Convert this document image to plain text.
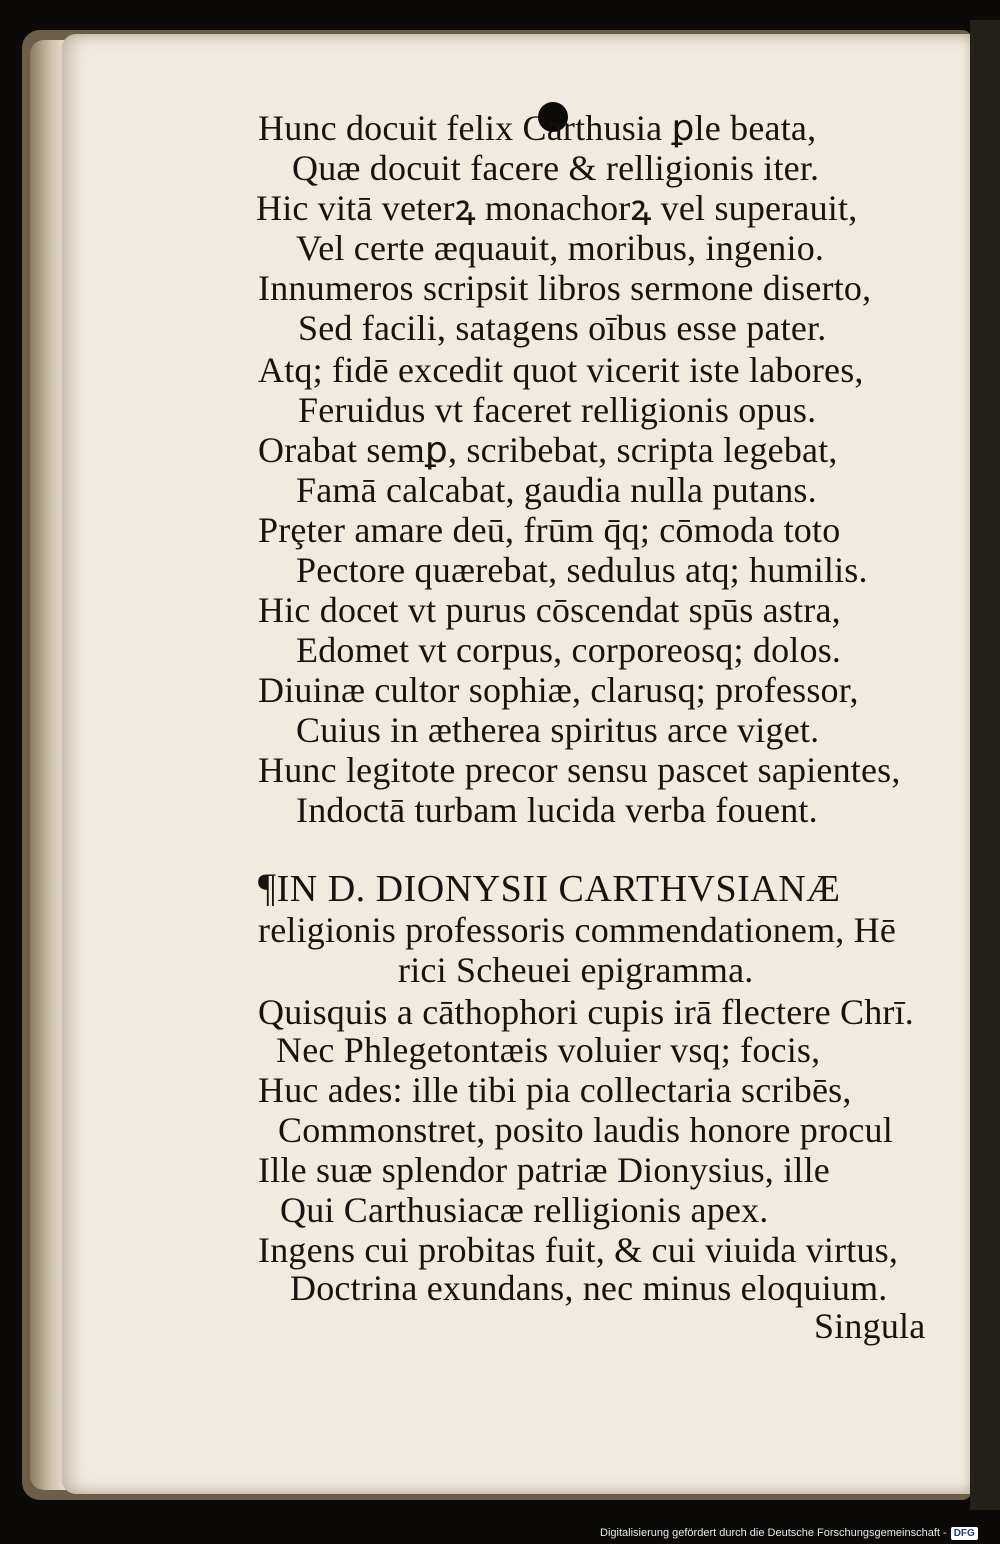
Hunc docuit felix Carthusia ꝑle beata,
Quæ docuit facere & relligionis iter.
Hic vitā veterꝝ monachorꝝ vel superauit,
Vel certe æquauit, moribus, ingenio.
Innumeros scripsit libros sermone diserto,
Sed facili, satagens oībus esse pater.
Atq; fidē excedit quot vicerit iste labores,
Feruidus vt faceret relligionis opus.
Orabat semꝑ, scribebat, scripta legebat,
Famā calcabat, gaudia nulla putans.
Prȩter amare deū, frūm q̄q; cōmoda toto
Pectore quærebat, sedulus atq; humilis.
Hic docet vt purus cōscendat spūs astra,
Edomet vt corpus, corporeosq; dolos.
Diuinæ cultor sophiæ, clarusq; professor,
Cuius in ætherea spiritus arce viget.
Hunc legitote precor sensu pascet sapientes,
Indoctā turbam lucida verba fouent.
¶IN D. DIONYSII CARTHVSIANÆ
religionis professoris commendationem, Hē
rici Scheuei epigramma.
Quisquis a cāthophori cupis irā flectere Chrī.
Nec Phlegetontæis voluier vsq; focis,
Huc ades: ille tibi pia collectaria scribēs,
Commonstret, posito laudis honore procul
Ille suæ splendor patriæ Dionysius, ille
Qui Carthusiacæ relligionis apex.
Ingens cui probitas fuit, & cui viuida virtus,
Doctrina exundans, nec minus eloquium.
Singula
Digitalisierung gefördert durch die Deutsche Forschungsgemeinschaft - DFG
